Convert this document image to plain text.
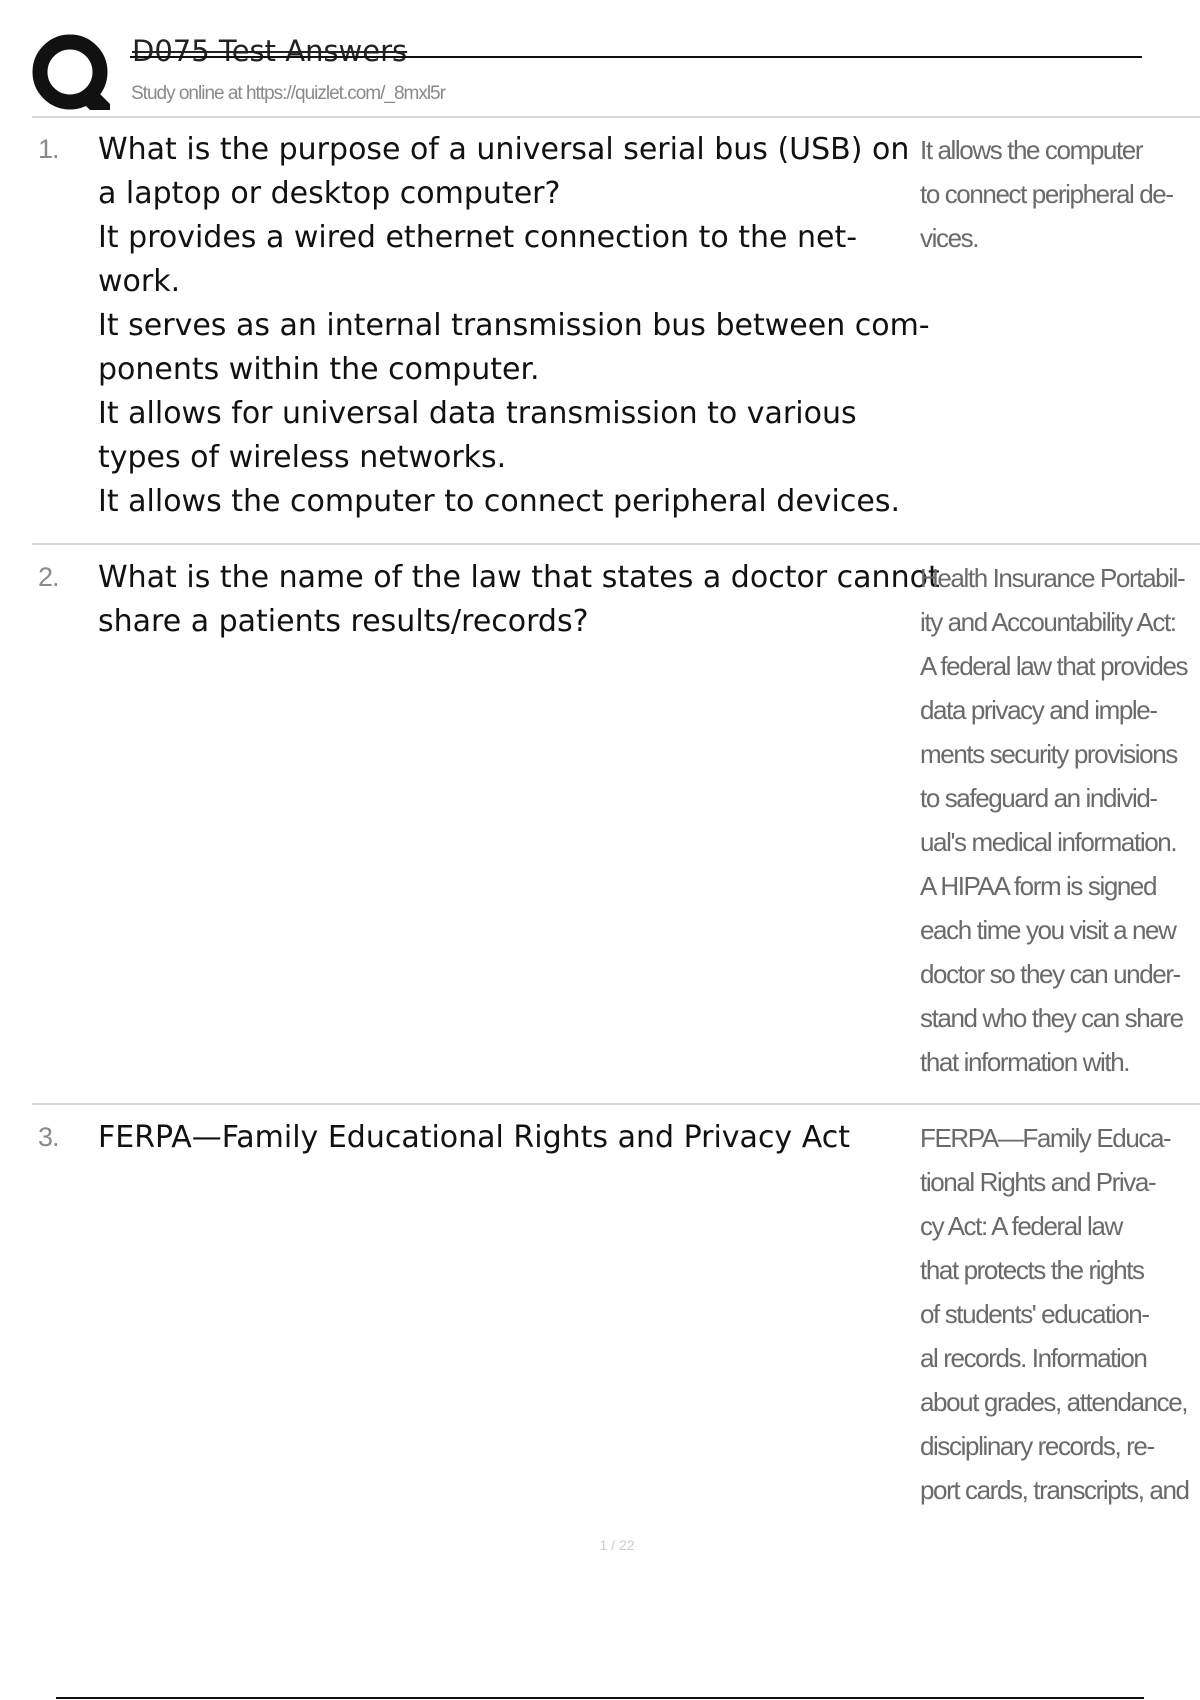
D075 Test Answers
Study online at https://quizlet.com/_8mxl5r
1. What is the purpose of a universal serial bus (USB) on
a laptop or desktop computer?
It provides a wired ethernet connection to the net-
work.
It serves as an internal transmission bus between com-
ponents within the computer.
It allows for universal data transmission to various
types of wireless networks.
It allows the computer to connect peripheral devices.
It allows the computer
to connect peripheral de-
vices.
2. What is the name of the law that states a doctor cannot
share a patients results/records?
Health Insurance Portabil-
ity and Accountability Act:
A federal law that provides
data privacy and imple-
ments security provisions
to safeguard an individ-
ual's medical information.
A HIPAA form is signed
each time you visit a new
doctor so they can under-
stand who they can share
that information with.
3. FERPA—Family Educational Rights and Privacy Act	FERPA—Family Educa-
tional Rights and Priva-
cy Act: A federal law
that protects the rights
of students' education-
al records. Information
about grades, attendance,
disciplinary records, re-
port cards, transcripts, and
1 / 22
